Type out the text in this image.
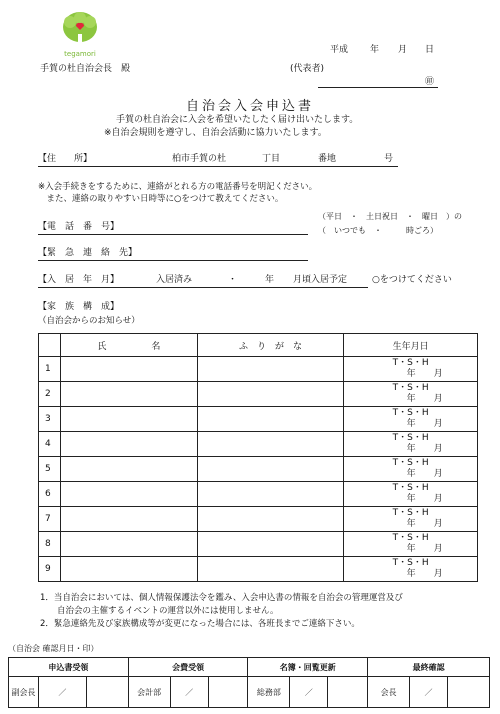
tegamori	平成 年 月 日
手賀の杜自治会長　殿	(代表者)
㊞
自治会入会申込書
手賀の杜自治会に入会を希望いたしたく届け出いたします。
※自治会規則を遵守し、自治会活動に協力いたします。
【住　　所】	柏市手賀の杜	丁目	番地	号
※入会手続きをするために、連絡がとれる方の電話番号を明記ください。
　また、連絡の取りやすい日時等に○をつけて教えてください。
【電　話　番　号】
（平日　・　土日祝日　・　曜日　）の
（　いつでも　・　　　時ごろ）
【緊　急　連　絡　先】
【入　居　年　月】	入居済み	・	年 月頃入居予定	○をつけてください
【家　族　構　成】
（自治会からのお知らせ）
	氏　　　　　名	ふ　り　が　な	生年月日
1			T・S・H
年　　月

2			T・S・H
年　　月

3			T・S・H
年　　月

4			T・S・H
年　　月

5			T・S・H
年　　月

6			T・S・H
年　　月

7			T・S・H
年　　月

8			T・S・H
年　　月

9			T・S・H
年　　月
1．当自治会においては、個人情報保護法令を鑑み、入会申込書の情報を自治会の管理運営及び
　　自治会の主催するイベントの運営以外には使用しません。
2．緊急連絡先及び家族構成等が変更になった場合には、各班長までご連絡下さい。
（自治会 確認月日・印）
申込書受領			会費受領			名簿・回覧更新			最終確認		
副会長	／		会計部	／		総務部	／		会長	／	
